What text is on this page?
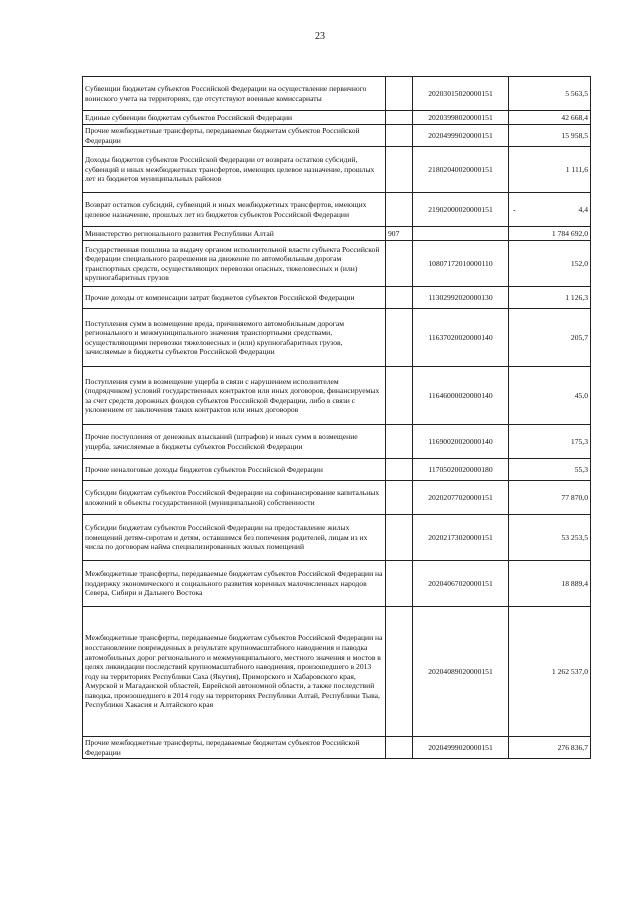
23
Субвенции бюджетам субъектов Российской Федерации на осуществление первичного воинского учета на территориях, где отсутствуют военные комиссариаты		20203015020000151	5 563,5
Единые субвенции бюджетам субъектов Российской Федерации		20203998020000151	42 668,4
Прочие межбюджетные трансферты, передаваемые бюджетам субъектов Российской Федерации		20204999020000151	15 958,5
Доходы бюджетов субъектов Российской Федерации от возврата остатков субсидий, субвенций и иных межбюджетных трансфертов, имеющих целевое назначение, прошлых лет из бюджетов муниципальных районов		21802040020000151	1 111,6
Возврат остатков субсидий, субвенций и иных межбюджетных трансфертов, имеющих целевое назначение, прошлых лет из бюджетов субъектов Российской Федерации		21902000020000151	- 4,4
Министерство регионального развития Республики Алтай	907		1 784 692,0
Государственная пошлина за выдачу органом исполнительной власти субъекта Российской Федерации специального разрешения на движение по автомобильным дорогам транспортных средств, осуществляющих перевозки опасных, тяжеловесных и (или) крупногабаритных грузов		10807172010000110	152,0
Прочие доходы от компенсации затрат бюджетов субъектов Российской Федерации		11302992020000130	1 126,3
Поступления сумм в возмещение вреда, причиняемого автомобильным дорогам регионального и межмуниципального значения транспортными средствами, осуществляющими перевозки тяжеловесных и (или) крупногабаритных грузов, зачисляемые в бюджеты субъектов Российской Федерации		11637020020000140	205,7
Поступления сумм в возмещение ущерба в связи с нарушением исполнителем (подрядчиком) условий государственных контрактов или иных договоров, финансируемых за счет средств дорожных фондов субъектов Российской Федерации, либо в связи с уклонением от заключения таких контрактов или иных договоров		11646000020000140	45,0
Прочие поступления от денежных взысканий (штрафов) и иных сумм в возмещение ущерба, зачисляемые в бюджеты субъектов Российской Федерации		11690020020000140	175,3
Прочие неналоговые доходы бюджетов субъектов Российской Федерации		11705020020000180	55,3
Субсидии бюджетам субъектов Российской Федерации на софинансирование капитальных вложений в объекты государственной (муниципальной) собственности		20202077020000151	77 870,0
Субсидии бюджетам субъектов Российской Федерации на предоставление жилых помещений детям-сиротам и детям, оставшимся без попечения родителей, лицам из их числа по договорам найма специализированных жилых помещений		20202173020000151	53 253,5
Межбюджетные трансферты, передаваемые бюджетам субъектов Российской Федерации на поддержку экономического и социального развития коренных малочисленных народов Севера, Сибири и Дальнего Востока		20204067020000151	18 889,4
Межбюджетные трансферты, передаваемые бюджетам субъектов Российской Федерации на восстановление поврежденных в результате крупномасштабного наводнения и паводка автомобильных дорог регионального и межмуниципального, местного значения и мостов в целях ликвидации последствий крупномасштабного наводнения, произошедшего в 2013 году на территориях Республики Саха (Якутия), Приморского и Хабаровского края, Амурской и Магаданской областей, Еврейской автономной области, а также последствий паводка, произошедшего в 2014 году на территориях Республики Алтай, Республики Тыва, Республики Хакасия и Алтайского края		20204089020000151	1 262 537,0
Прочие межбюджетные трансферты, передаваемые бюджетам субъектов Российской Федерации		20204999020000151	276 836,7
